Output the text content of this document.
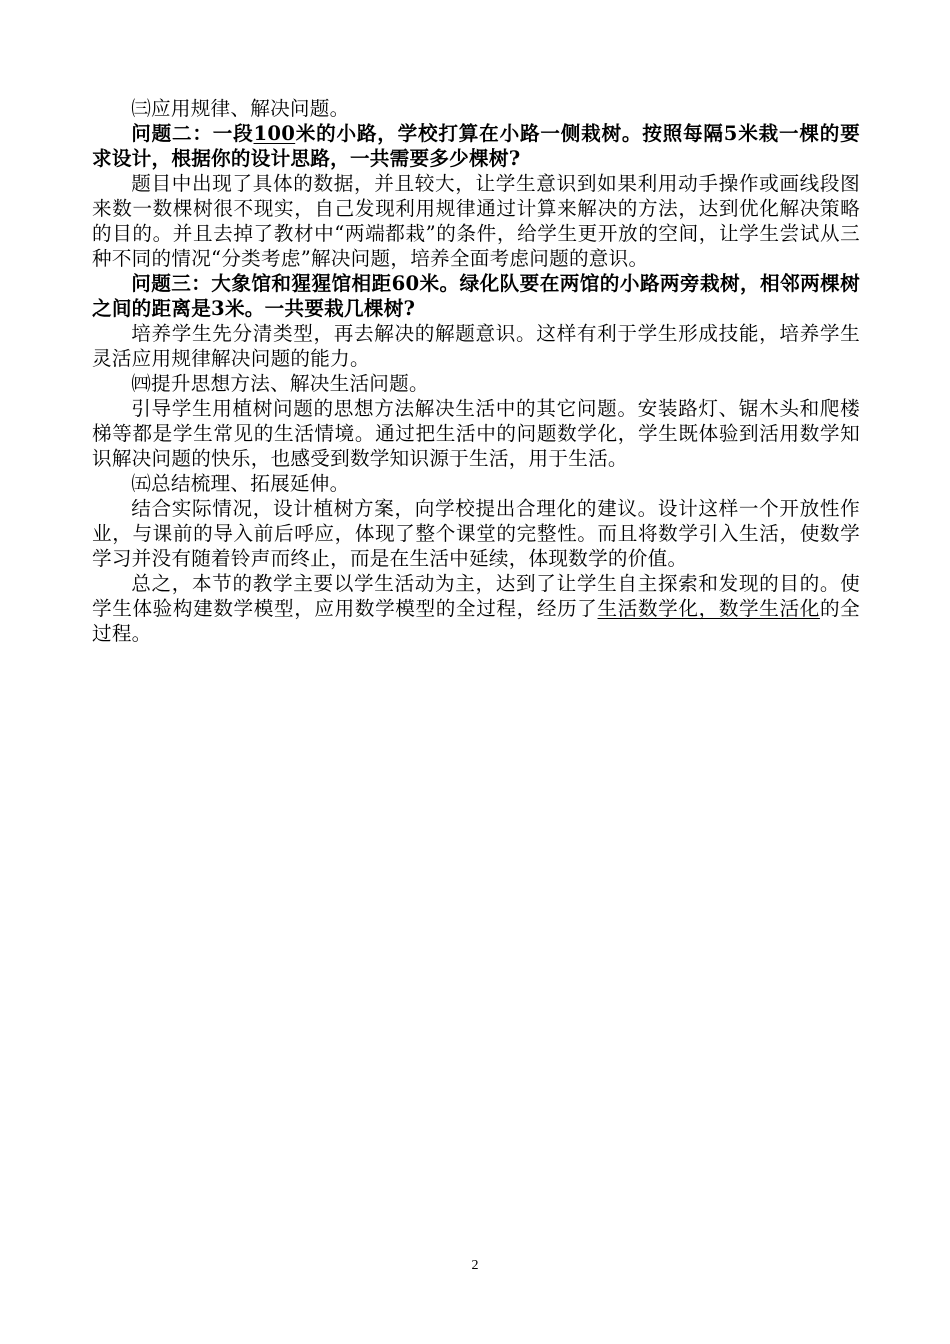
㈢应用规律、解决问题。

问题二：一段100米的小路，学校打算在小路一侧栽树。按照每隔5米栽一棵的要求设计，根据你的设计思路，一共需要多少棵树?

题目中出现了具体的数据，并且较大，让学生意识到如果利用动手操作或画线段图来数一数棵树很不现实，自己发现利用规律通过计算来解决的方法，达到优化解决策略的目的。并且去掉了教材中“两端都栽”的条件，给学生更开放的空间，让学生尝试从三种不同的情况“分类考虑”解决问题，培养全面考虑问题的意识。

问题三：大象馆和猩猩馆相距60米。绿化队要在两馆的小路两旁栽树，相邻两棵树之间的距离是3米。一共要栽几棵树?

培养学生先分清类型，再去解决的解题意识。这样有利于学生形成技能，培养学生灵活应用规律解决问题的能力。

㈣提升思想方法、解决生活问题。

引导学生用植树问题的思想方法解决生活中的其它问题。安装路灯、锯木头和爬楼梯等都是学生常见的生活情境。通过把生活中的问题数学化，学生既体验到活用数学知识解决问题的快乐，也感受到数学知识源于生活，用于生活。

㈤总结梳理、拓展延伸。

结合实际情况，设计植树方案，向学校提出合理化的建议。设计这样一个开放性作业，与课前的导入前后呼应，体现了整个课堂的完整性。而且将数学引入生活，使数学学习并没有随着铃声而终止，而是在生活中延续，体现数学的价值。

总之，本节的教学主要以学生活动为主，达到了让学生自主探索和发现的目的。使学生体验构建数学模型，应用数学模型的全过程，经历了生活数学化，数学生活化的全过程。

2
